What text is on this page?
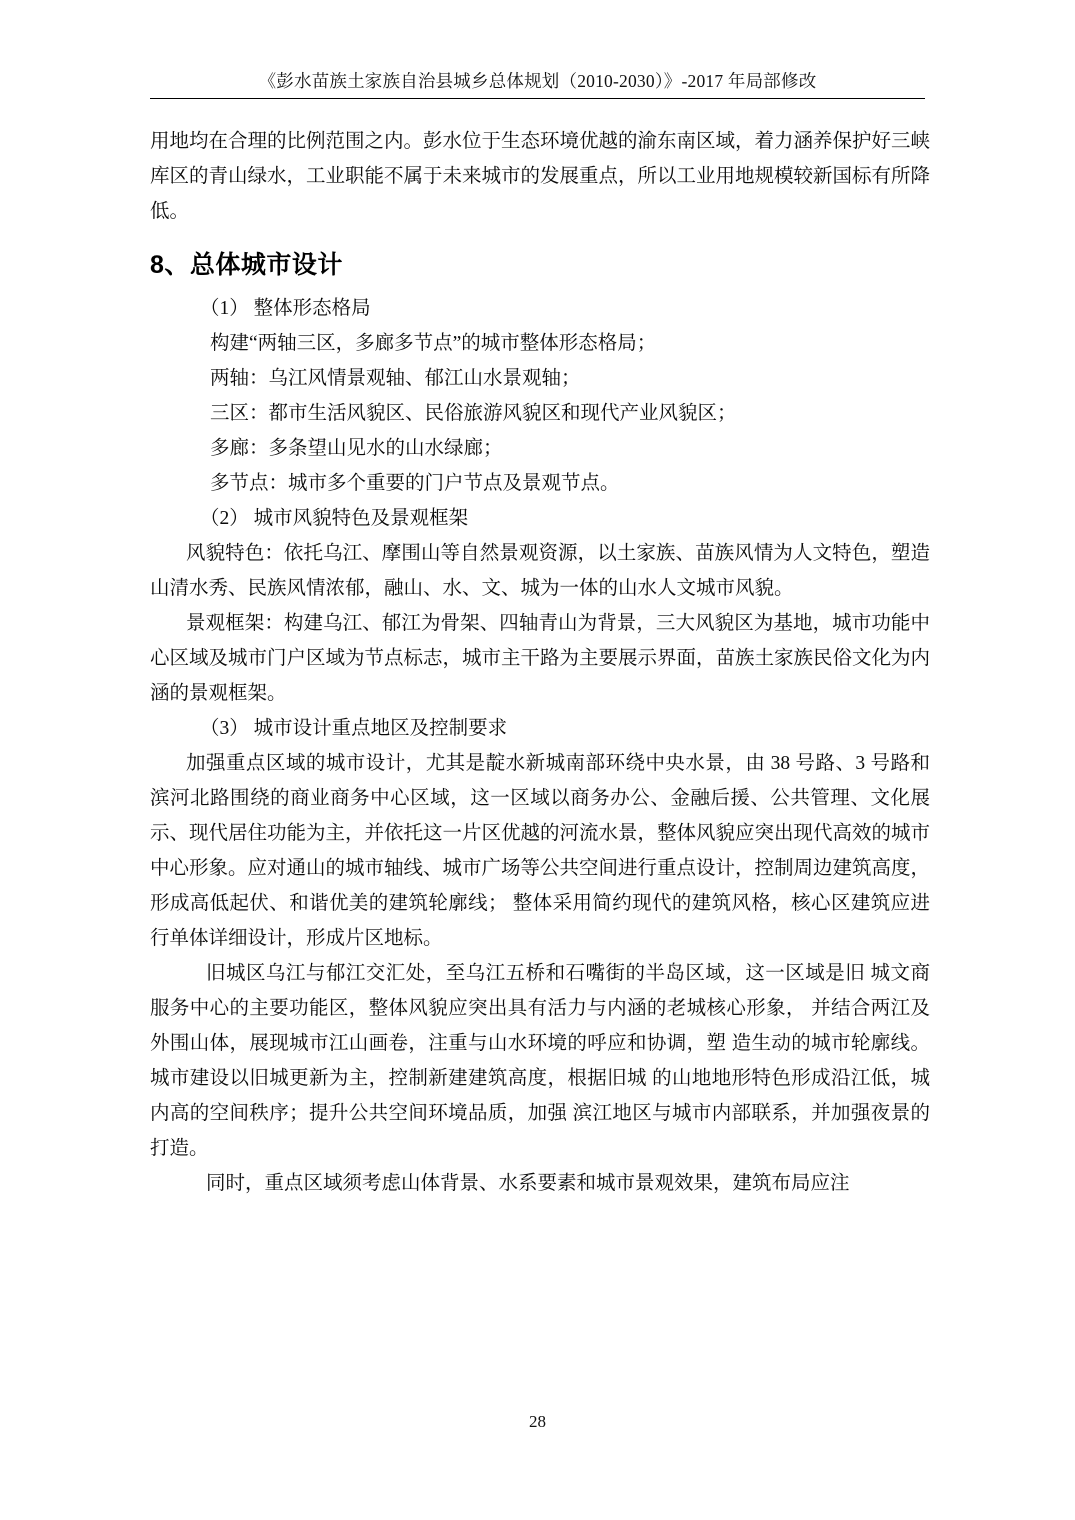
《彭水苗族土家族自治县城乡总体规划（2010-2030）》-2017 年局部修改

用地均在合理的比例范围之内。彭水位于生态环境优越的渝东南区域，着力涵养保护好三峡库区的青山绿水，工业职能不属于未来城市的发展重点，所以工业用地规模较新国标有所降低。

8、总体城市设计

（1） 整体形态格局

构建“两轴三区，多廊多节点”的城市整体形态格局；

两轴：乌江风情景观轴、郁江山水景观轴；

三区：都市生活风貌区、民俗旅游风貌区和现代产业风貌区；

多廊：多条望山见水的山水绿廊；

多节点：城市多个重要的门户节点及景观节点。

（2） 城市风貌特色及景观框架

风貌特色：依托乌江、摩围山等自然景观资源，以土家族、苗族风情为人文特色，塑造山清水秀、民族风情浓郁，融山、水、文、城为一体的山水人文城市风貌。

景观框架：构建乌江、郁江为骨架、四轴青山为背景，三大风貌区为基地，城市功能中心区域及城市门户区域为节点标志，城市主干路为主要展示界面，苗族土家族民俗文化为内涵的景观框架。

（3） 城市设计重点地区及控制要求

加强重点区域的城市设计，尤其是靛水新城南部环绕中央水景，由 38 号路、3 号路和滨河北路围绕的商业商务中心区域，这一区域以商务办公、金融后援、公共管理、文化展示、现代居住功能为主，并依托这一片区优越的河流水景，整体风貌应突出现代高效的城市中心形象。应对通山的城市轴线、城市广场等公共空间进行重点设计，控制周边建筑高度，形成高低起伏、和谐优美的建筑轮廓线； 整体采用简约现代的建筑风格，核心区建筑应进行单体详细设计，形成片区地标。

旧城区乌江与郁江交汇处，至乌江五桥和石嘴街的半岛区域，这一区域是旧 城文商服务中心的主要功能区，整体风貌应突出具有活力与内涵的老城核心形象， 并结合两江及外围山体，展现城市江山画卷，注重与山水环境的呼应和协调，塑 造生动的城市轮廓线。城市建设以旧城更新为主，控制新建建筑高度，根据旧城 的山地地形特色形成沿江低，城内高的空间秩序；提升公共空间环境品质，加强 滨江地区与城市内部联系，并加强夜景的打造。

同时，重点区域须考虑山体背景、水系要素和城市景观效果，建筑布局应注

28
